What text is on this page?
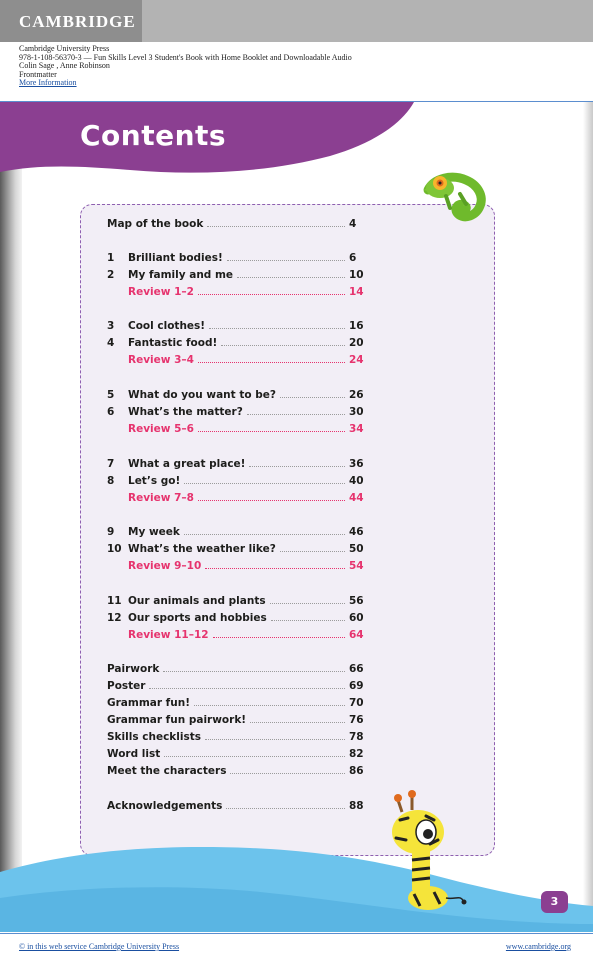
CAMBRIDGE
Cambridge University Press
978-1-108-56370-3 — Fun Skills Level 3 Student's Book with Home Booklet and Downloadable Audio
Colin Sage , Anne Robinson
Frontmatter
More Information
Contents
Map of the book	4
1	Brilliant bodies!	6
2	My family and me	10
Review 1–2	14
3	Cool clothes!	16
4	Fantastic food!	20
Review 3–4	24
5	What do you want to be?	26
6	What’s the matter?	30
Review 5–6	34
7	What a great place!	36
8	Let’s go!	40
Review 7–8	44
9	My week	46
10 What’s the weather like?	50
Review 9–10	54
11 Our animals and plants	56
12 Our sports and hobbies	60
Review 11–12	64
Pairwork	66
Poster	69
Grammar fun!	70
Grammar fun pairwork!	76
Skills checklists	78
Word list	82
Meet the characters	86
Acknowledgements	88
3
© in this web service Cambridge University Press	www.cambridge.org
